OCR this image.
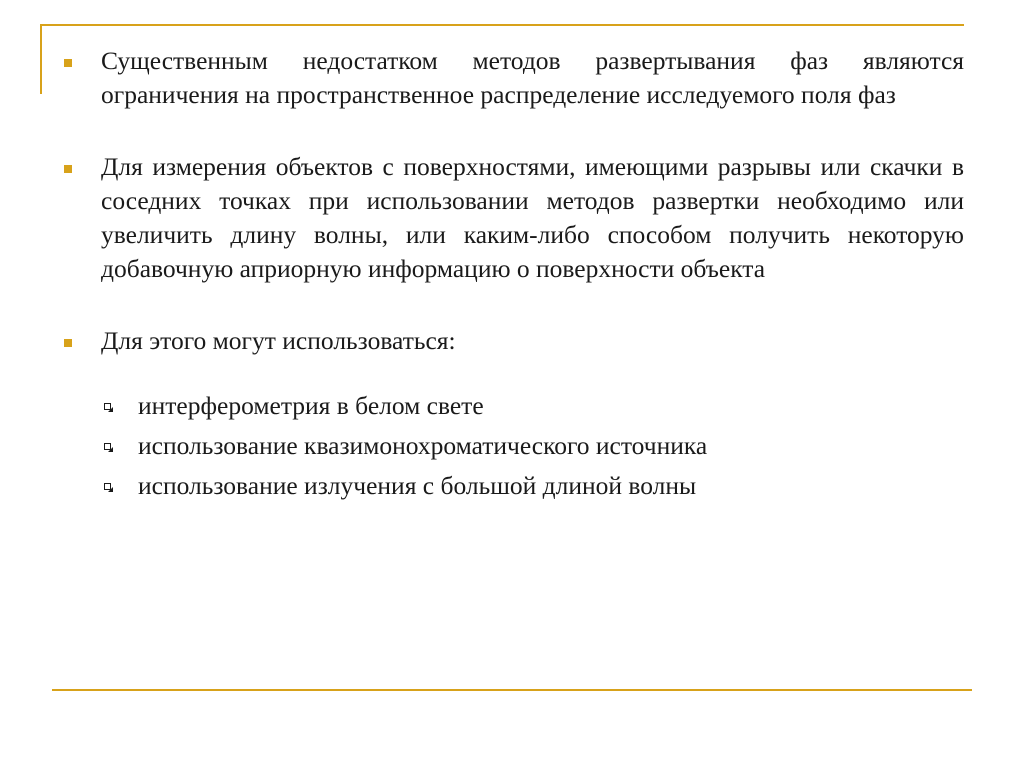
Существенным недостатком методов развертывания фаз являются ограничения на пространственное распределение исследуемого поля фаз
Для измерения объектов с поверхностями, имеющими разрывы или скачки в соседних точках при использовании методов развертки необходимо или увеличить длину волны, или каким-либо способом получить некоторую добавочную априорную информацию о поверхности объекта
Для этого могут использоваться:
интерферометрия в белом свете
использование квазимонохроматического источника
использование излучения с большой длиной волны
